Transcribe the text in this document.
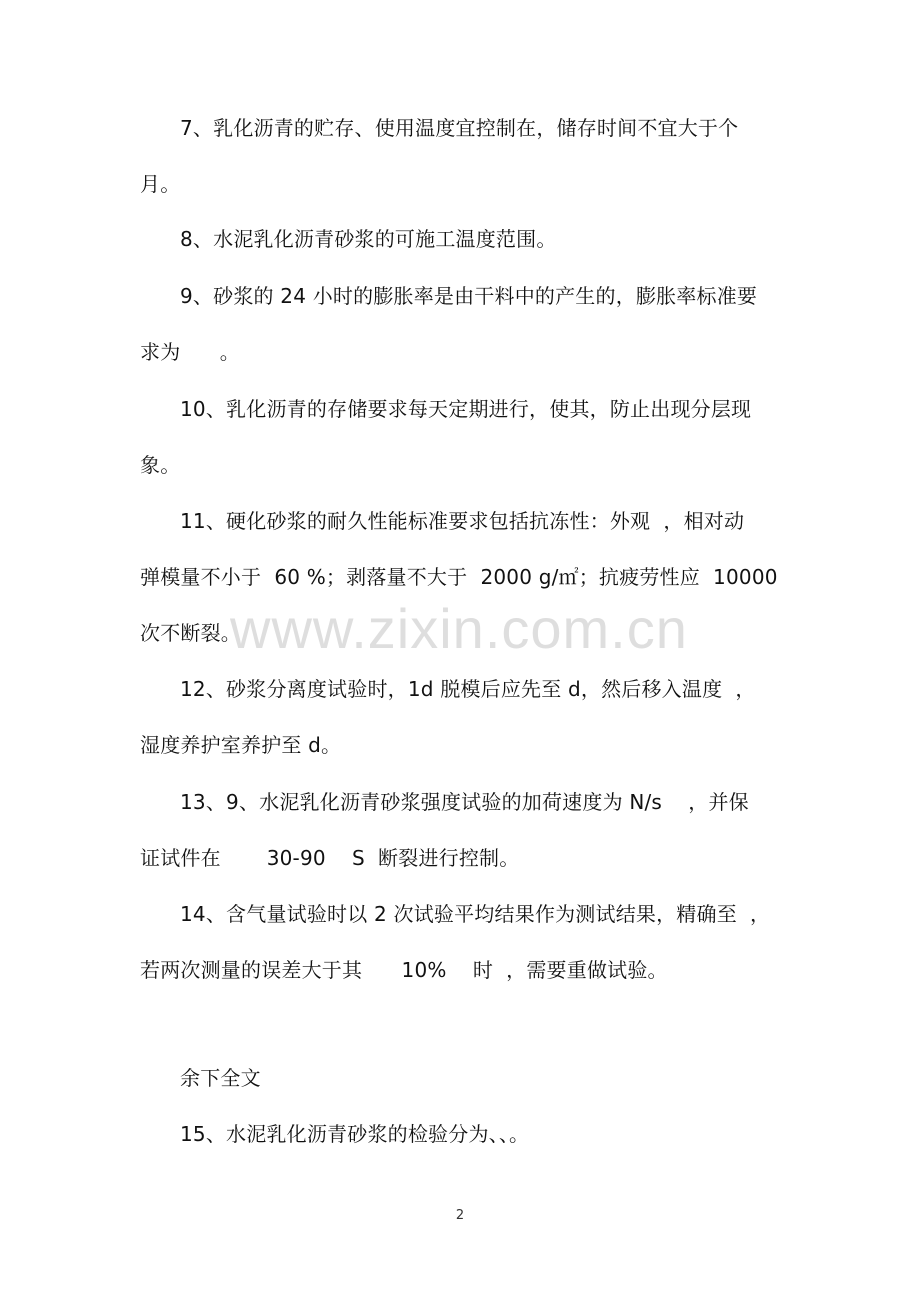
www.zixin.com.cn
7、乳化沥青的贮存、使用温度宜控制在，储存时间不宜大于个
月。
8、水泥乳化沥青砂浆的可施工温度范围。
9、砂浆的 24 小时的膨胀率是由干料中的产生的，膨胀率标准要
求为      。
10、乳化沥青的存储要求每天定期进行，使其，防止出现分层现
象。
11、硬化砂浆的耐久性能标准要求包括抗冻性：外观  ，相对动
弹模量不小于  60 %；剥落量不大于  2000 g/㎡；抗疲劳性应  10000
次不断裂。
12、砂浆分离度试验时，1d 脱模后应先至 d，然后移入温度  ，
湿度养护室养护至 d。
13、9、水泥乳化沥青砂浆强度试验的加荷速度为 N/s    ，并保
证试件在       30-90    S  断裂进行控制。
14、含气量试验时以 2 次试验平均结果作为测试结果，精确至  ，
若两次测量的误差大于其      10%    时  ，需要重做试验。
余下全文
15、水泥乳化沥青砂浆的检验分为、、。
2
